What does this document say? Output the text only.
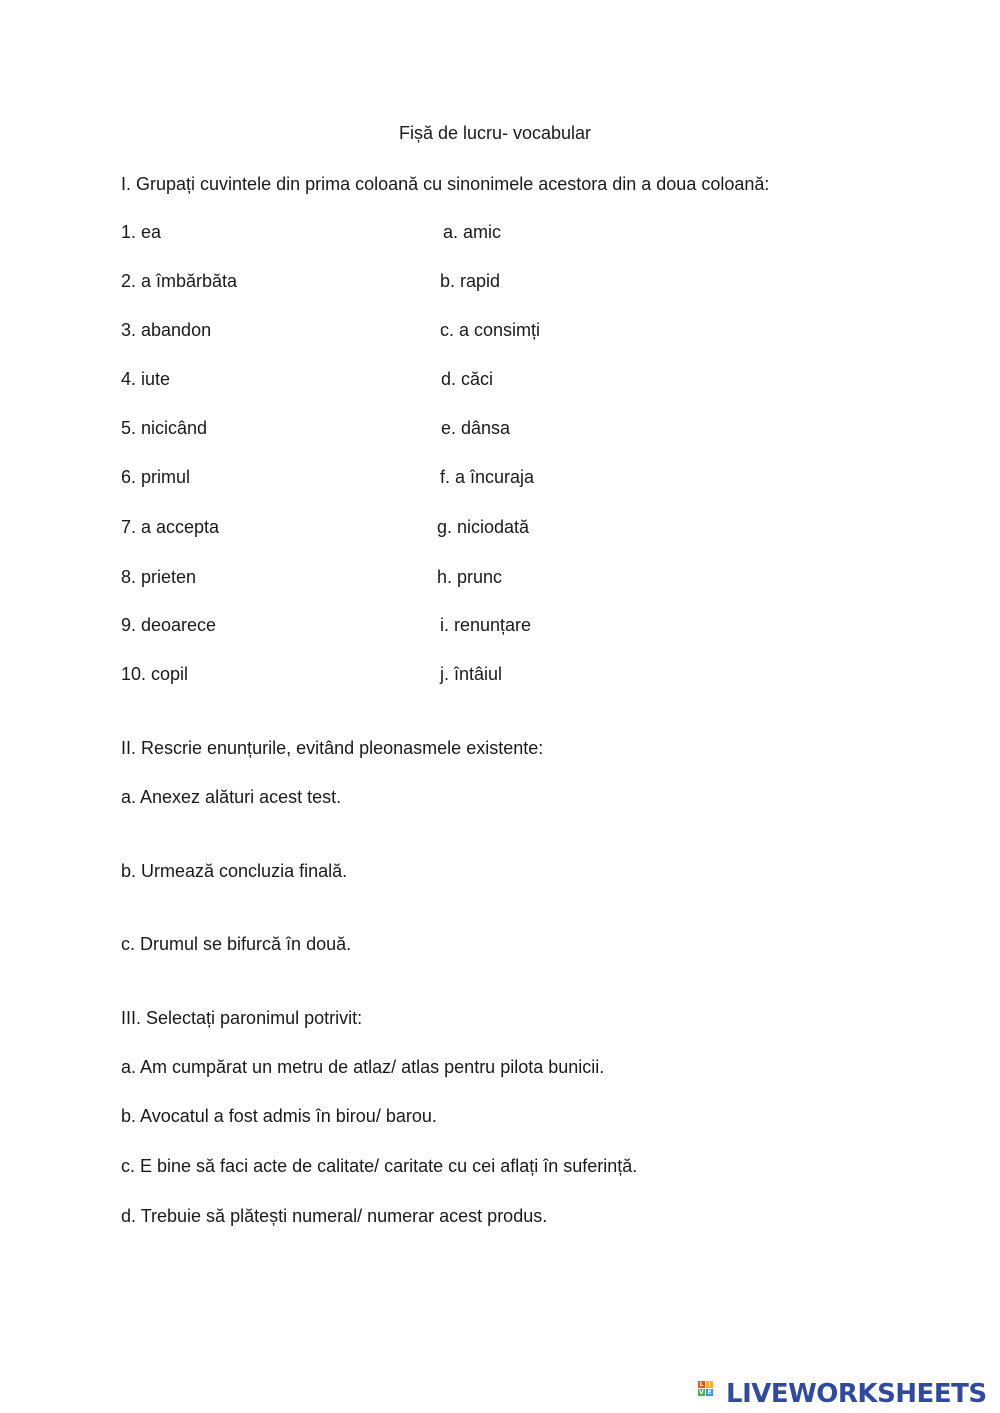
Fișă de lucru- vocabular
I. Grupați cuvintele din prima coloană cu sinonimele acestora din a doua coloană:
1. ea
2. a îmbărbăta
3. abandon
4. iute
5. nicicând
6. primul
7. a accepta
8. prieten
9. deoarece
10. copil
a. amic
b. rapid
c. a consimți
d. căci
e. dânsa
f. a încuraja
g. niciodată
h. prunc
i. renunțare
j. întâiul
II. Rescrie enunțurile, evitând pleonasmele existente:
a. Anexez alături acest test.
b. Urmează concluzia finală.
c. Drumul se bifurcă în două.
III. Selectați paronimul potrivit:
a. Am cumpărat un metru de atlaz/ atlas pentru pilota bunicii.
b. Avocatul a fost admis în birou/ barou.
c. E bine să faci acte de calitate/ caritate cu cei aflați în suferință.
d. Trebuie să plătești numeral/ numerar acest produs.
L I
V E LIVEWORKSHEETS
